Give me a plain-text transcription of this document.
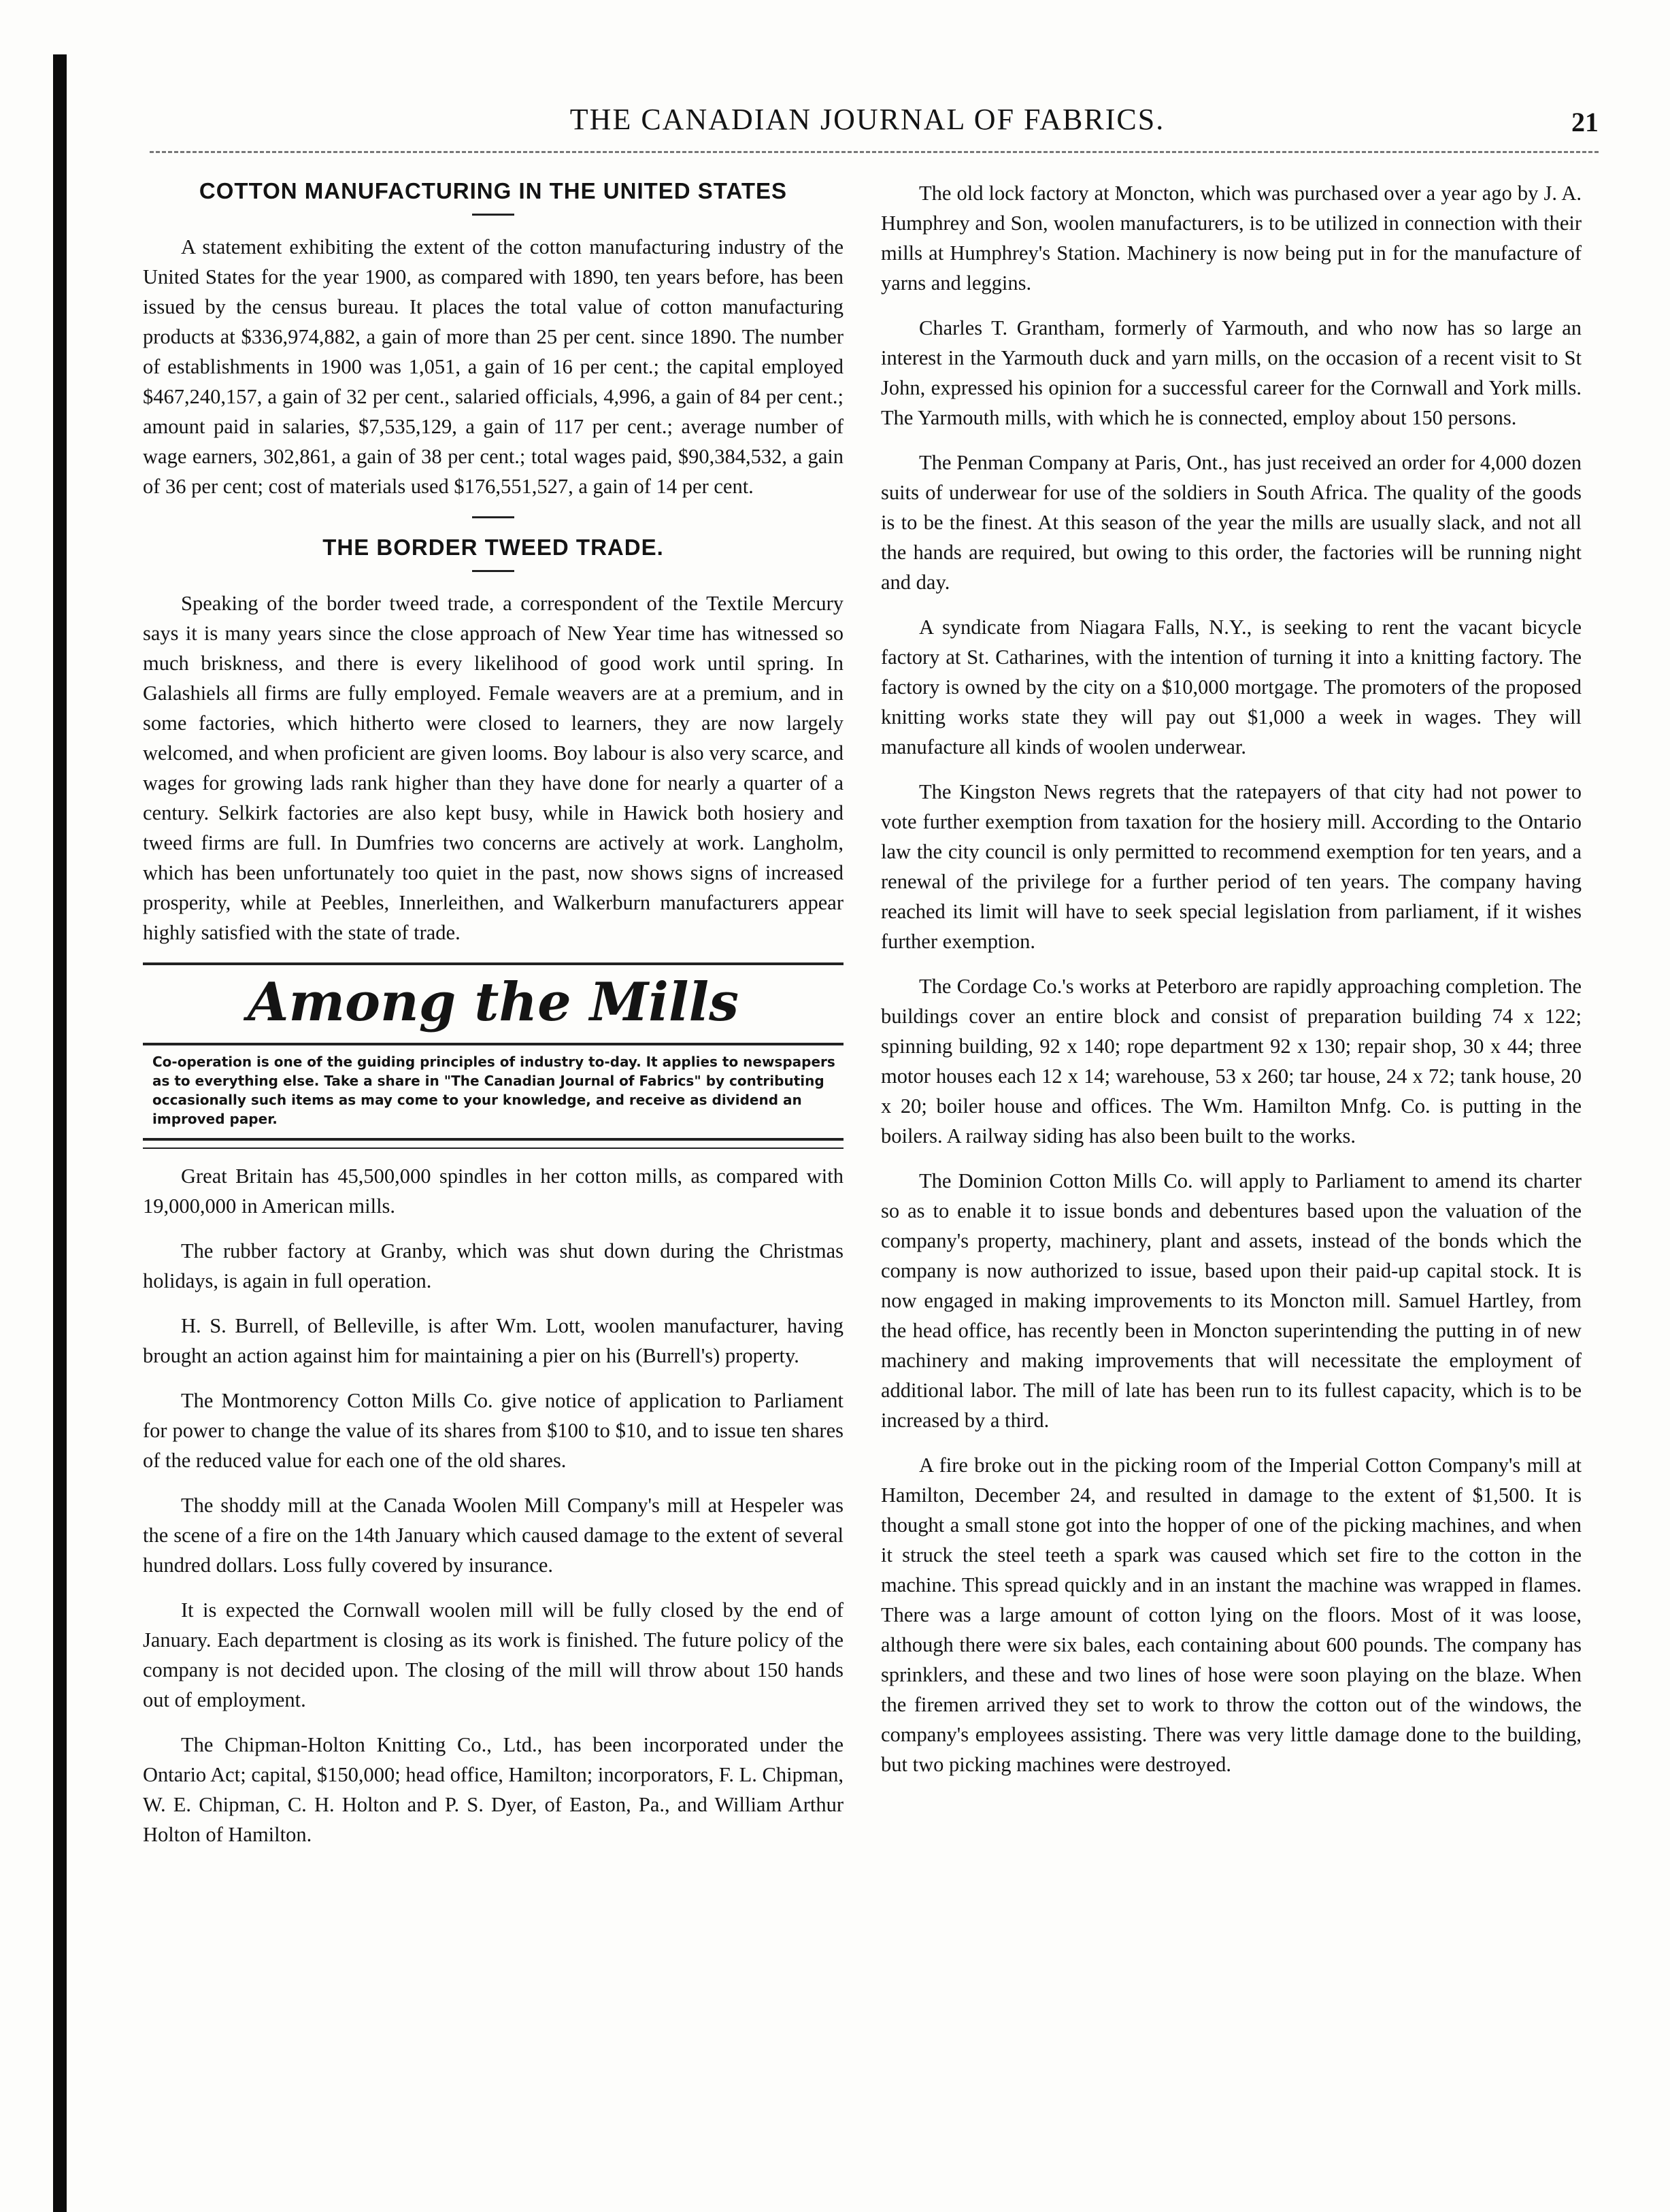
THE CANADIAN JOURNAL OF FABRICS.	21
COTTON MANUFACTURING IN THE UNITED STATES

A statement exhibiting the extent of the cotton manufacturing industry of the United States for the year 1900, as compared with 1890, ten years before, has been issued by the census bureau. It places the total value of cotton manufacturing products at $336,974,882, a gain of more than 25 per cent. since 1890. The number of establishments in 1900 was 1,051, a gain of 16 per cent.; the capital employed $467,240,157, a gain of 32 per cent., salaried officials, 4,996, a gain of 84 per cent.; amount paid in salaries, $7,535,129, a gain of 117 per cent.; average number of wage earners, 302,861, a gain of 38 per cent.; total wages paid, $90,384,532, a gain of 36 per cent; cost of materials used $176,551,527, a gain of 14 per cent.

THE BORDER TWEED TRADE.

Speaking of the border tweed trade, a correspondent of the Textile Mercury says it is many years since the close approach of New Year time has witnessed so much briskness, and there is every likelihood of good work until spring. In Galashiels all firms are fully employed. Female weavers are at a premium, and in some factories, which hitherto were closed to learners, they are now largely welcomed, and when proficient are given looms. Boy labour is also very scarce, and wages for growing lads rank higher than they have done for nearly a quarter of a century. Selkirk factories are also kept busy, while in Hawick both hosiery and tweed firms are full. In Dumfries two concerns are actively at work. Langholm, which has been unfortunately too quiet in the past, now shows signs of increased prosperity, while at Peebles, Innerleithen, and Walkerburn manufacturers appear highly satisfied with the state of trade.

Among the Mills

Co-operation is one of the guiding principles of industry to-day. It applies to newspapers as to everything else. Take a share in "The Canadian Journal of Fabrics" by contributing occasionally such items as may come to your knowledge, and receive as dividend an improved paper.

Great Britain has 45,500,000 spindles in her cotton mills, as compared with 19,000,000 in American mills.

The rubber factory at Granby, which was shut down during the Christmas holidays, is again in full operation.

H. S. Burrell, of Belleville, is after Wm. Lott, woolen manufacturer, having brought an action against him for maintaining a pier on his (Burrell's) property.

The Montmorency Cotton Mills Co. give notice of application to Parliament for power to change the value of its shares from $100 to $10, and to issue ten shares of the reduced value for each one of the old shares.

The shoddy mill at the Canada Woolen Mill Company's mill at Hespeler was the scene of a fire on the 14th January which caused damage to the extent of several hundred dollars. Loss fully covered by insurance.

It is expected the Cornwall woolen mill will be fully closed by the end of January. Each department is closing as its work is finished. The future policy of the company is not decided upon. The closing of the mill will throw about 150 hands out of employment.

The Chipman-Holton Knitting Co., Ltd., has been incorporated under the Ontario Act; capital, $150,000; head office, Hamilton; incorporators, F. L. Chipman, W. E. Chipman, C. H. Holton and P. S. Dyer, of Easton, Pa., and William Arthur Holton of Hamilton.

The old lock factory at Moncton, which was purchased over a year ago by J. A. Humphrey and Son, woolen manufacturers, is to be utilized in connection with their mills at Humphrey's Station. Machinery is now being put in for the manufacture of yarns and leggins.

Charles T. Grantham, formerly of Yarmouth, and who now has so large an interest in the Yarmouth duck and yarn mills, on the occasion of a recent visit to St John, expressed his opinion for a successful career for the Cornwall and York mills. The Yarmouth mills, with which he is connected, employ about 150 persons.

The Penman Company at Paris, Ont., has just received an order for 4,000 dozen suits of underwear for use of the soldiers in South Africa. The quality of the goods is to be the finest. At this season of the year the mills are usually slack, and not all the hands are required, but owing to this order, the factories will be running night and day.

A syndicate from Niagara Falls, N.Y., is seeking to rent the vacant bicycle factory at St. Catharines, with the intention of turning it into a knitting factory. The factory is owned by the city on a $10,000 mortgage. The promoters of the proposed knitting works state they will pay out $1,000 a week in wages. They will manufacture all kinds of woolen underwear.

The Kingston News regrets that the ratepayers of that city had not power to vote further exemption from taxation for the hosiery mill. According to the Ontario law the city council is only permitted to recommend exemption for ten years, and a renewal of the privilege for a further period of ten years. The company having reached its limit will have to seek special legislation from parliament, if it wishes further exemption.

The Cordage Co.'s works at Peterboro are rapidly approaching completion. The buildings cover an entire block and consist of preparation building 74 x 122; spinning building, 92 x 140; rope department 92 x 130; repair shop, 30 x 44; three motor houses each 12 x 14; warehouse, 53 x 260; tar house, 24 x 72; tank house, 20 x 20; boiler house and offices. The Wm. Hamilton Mnfg. Co. is putting in the boilers. A railway siding has also been built to the works.

The Dominion Cotton Mills Co. will apply to Parliament to amend its charter so as to enable it to issue bonds and debentures based upon the valuation of the company's property, machinery, plant and assets, instead of the bonds which the company is now authorized to issue, based upon their paid-up capital stock. It is now engaged in making improvements to its Moncton mill. Samuel Hartley, from the head office, has recently been in Moncton superintending the putting in of new machinery and making improvements that will necessitate the employment of additional labor. The mill of late has been run to its fullest capacity, which is to be increased by a third.

A fire broke out in the picking room of the Imperial Cotton Company's mill at Hamilton, December 24, and resulted in damage to the extent of $1,500. It is thought a small stone got into the hopper of one of the picking machines, and when it struck the steel teeth a spark was caused which set fire to the cotton in the machine. This spread quickly and in an instant the machine was wrapped in flames. There was a large amount of cotton lying on the floors. Most of it was loose, although there were six bales, each containing about 600 pounds. The company has sprinklers, and these and two lines of hose were soon playing on the blaze. When the firemen arrived they set to work to throw the cotton out of the windows, the company's employees assisting. There was very little damage done to the building, but two picking machines were destroyed.
